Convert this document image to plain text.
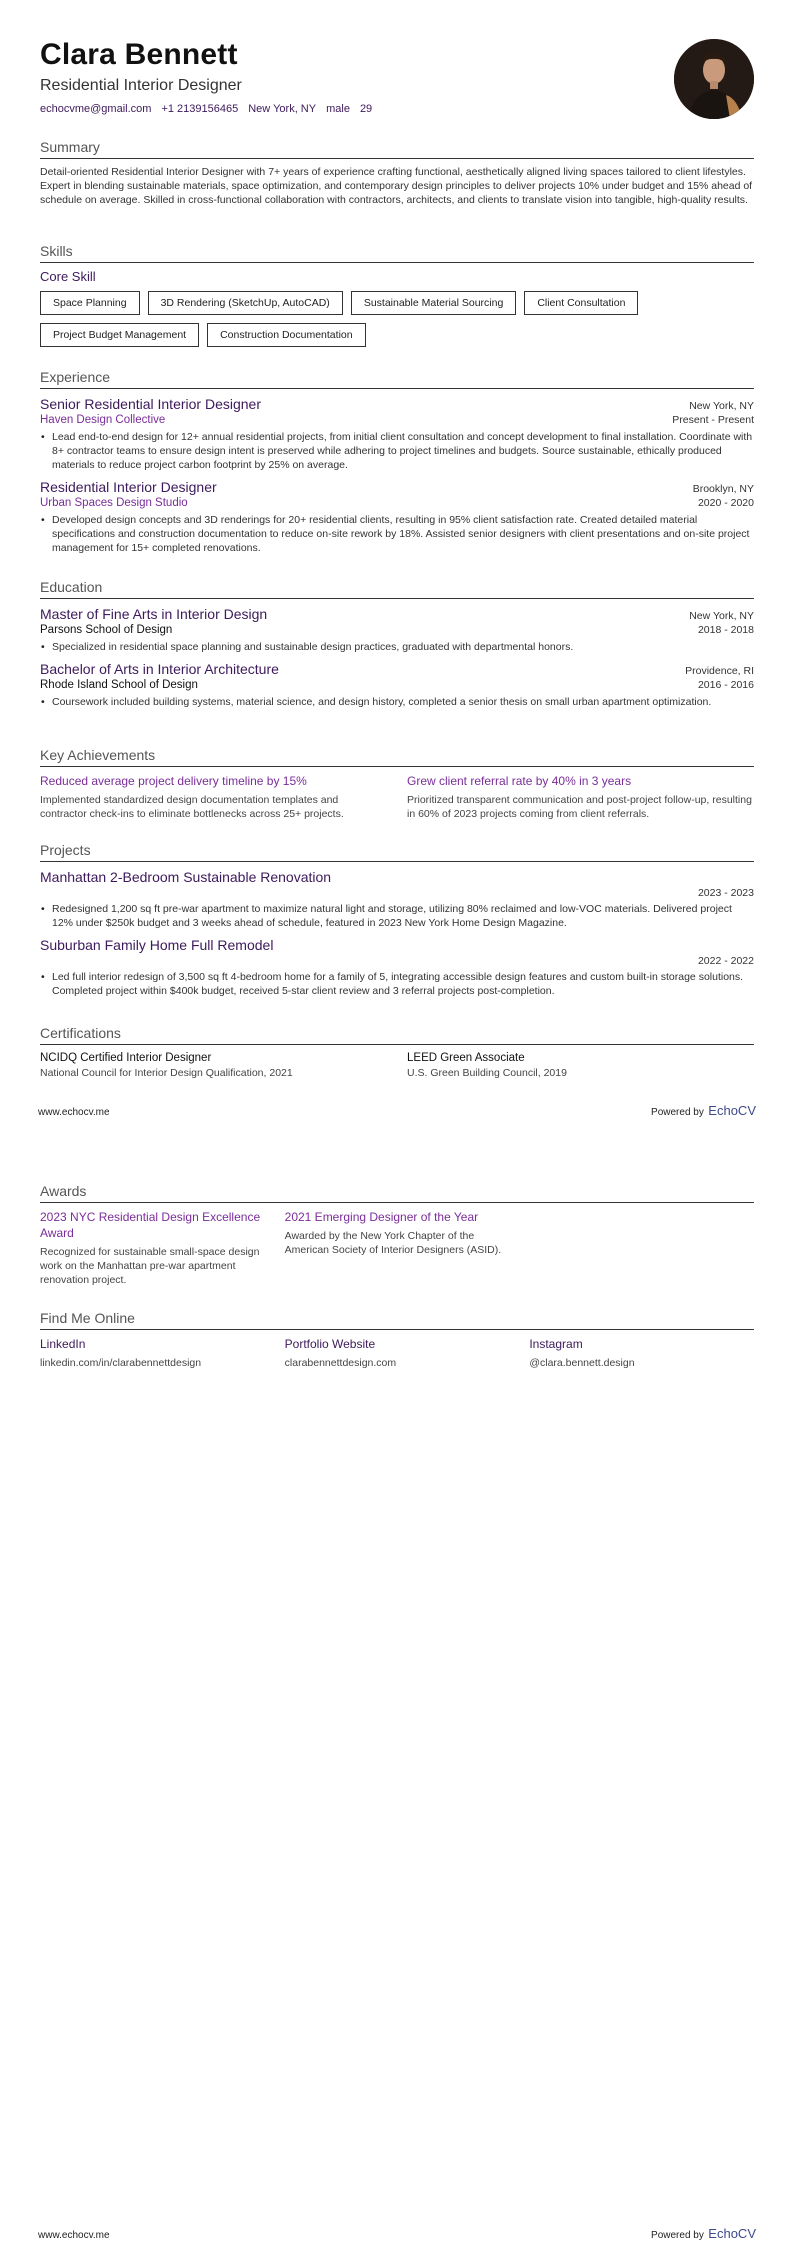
Clara Bennett
Residential Interior Designer
echocvme@gmail.com +1 2139156465 New York, NY male 29
Summary
Detail-oriented Residential Interior Designer with 7+ years of experience crafting functional, aesthetically aligned living spaces tailored to client lifestyles. Expert in blending sustainable materials, space optimization, and contemporary design principles to deliver projects 10% under budget and 15% ahead of schedule on average. Skilled in cross-functional collaboration with contractors, architects, and clients to translate vision into tangible, high-quality results.
Skills
Core Skill
Space Planning	3D Rendering (SketchUp, AutoCAD)	Sustainable Material Sourcing	Client Consultation
Project Budget Management	Construction Documentation
Experience
Senior Residential Interior Designer	New York, NY
Haven Design Collective	Present - Present
• Lead end-to-end design for 12+ annual residential projects, from initial client consultation and concept development to final installation. Coordinate with 8+ contractor teams to ensure design intent is preserved while adhering to project timelines and budgets. Source sustainable, ethically produced materials to reduce project carbon footprint by 25% on average.
Residential Interior Designer	Brooklyn, NY
Urban Spaces Design Studio	2020 - 2020
• Developed design concepts and 3D renderings for 20+ residential clients, resulting in 95% client satisfaction rate. Created detailed material specifications and construction documentation to reduce on-site rework by 18%. Assisted senior designers with client presentations and on-site project management for 15+ completed renovations.
Education
Master of Fine Arts in Interior Design	New York, NY
Parsons School of Design	2018 - 2018
• Specialized in residential space planning and sustainable design practices, graduated with departmental honors.
Bachelor of Arts in Interior Architecture	Providence, RI
Rhode Island School of Design	2016 - 2016
• Coursework included building systems, material science, and design history, completed a senior thesis on small urban apartment optimization.
Key Achievements
Reduced average project delivery timeline by 15%
Implemented standardized design documentation templates and contractor check-ins to eliminate bottlenecks across 25+ projects.
Grew client referral rate by 40% in 3 years
Prioritized transparent communication and post-project follow-up, resulting in 60% of 2023 projects coming from client referrals.
Projects
Manhattan 2-Bedroom Sustainable Renovation
2023 - 2023
• Redesigned 1,200 sq ft pre-war apartment to maximize natural light and storage, utilizing 80% reclaimed and low-VOC materials. Delivered project 12% under $250k budget and 3 weeks ahead of schedule, featured in 2023 New York Home Design Magazine.
Suburban Family Home Full Remodel
2022 - 2022
• Led full interior redesign of 3,500 sq ft 4-bedroom home for a family of 5, integrating accessible design features and custom built-in storage solutions. Completed project within $400k budget, received 5-star client review and 3 referral projects post-completion.
Certifications
NCIDQ Certified Interior Designer
National Council for Interior Design Qualification, 2021
LEED Green Associate
U.S. Green Building Council, 2019
www.echocv.me	Powered by EchoCV
Awards
2023 NYC Residential Design Excellence Award
Recognized for sustainable small-space design work on the Manhattan pre-war apartment renovation project.
2021 Emerging Designer of the Year
Awarded by the New York Chapter of the American Society of Interior Designers (ASID).
Find Me Online
LinkedIn
linkedin.com/in/clarabennettdesign
Portfolio Website
clarabennettdesign.com
Instagram
@clara.bennett.design
www.echocv.me	Powered by EchoCV
